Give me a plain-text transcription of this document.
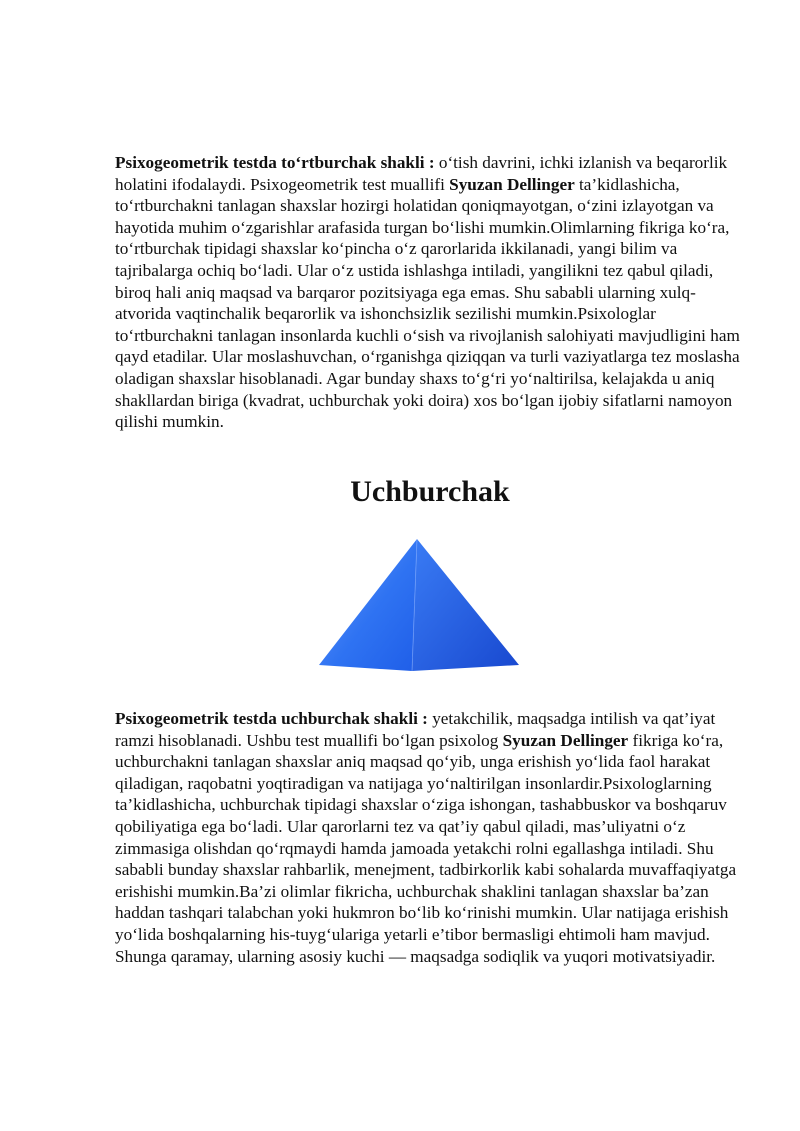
Psixogeometrik testda to‘rtburchak shakli : o‘tish davrini, ichki izlanish va beqarorlik holatini ifodalaydi. Psixogeometrik test muallifi Syuzan Dellinger ta’kidlashicha, to‘rtburchakni tanlagan shaxslar hozirgi holatidan qoniqmayotgan, o‘zini izlayotgan va hayotida muhim o‘zgarishlar arafasida turgan bo‘lishi mumkin.Olimlarning fikriga ko‘ra, to‘rtburchak tipidagi shaxslar ko‘pincha o‘z qarorlarida ikkilanadi, yangi bilim va tajribalarga ochiq bo‘ladi. Ular o‘z ustida ishlashga intiladi, yangilikni tez qabul qiladi, biroq hali aniq maqsad va barqaror pozitsiyaga ega emas. Shu sababli ularning xulq-atvorida vaqtinchalik beqarorlik va ishonchsizlik sezilishi mumkin.Psixologlar to‘rtburchakni tanlagan insonlarda kuchli o‘sish va rivojlanish salohiyati mavjudligini ham qayd etadilar. Ular moslashuvchan, o‘rganishga qiziqqan va turli vaziyatlarga tez moslasha oladigan shaxslar hisoblanadi. Agar bunday shaxs to‘g‘ri yo‘naltirilsa, kelajakda u aniq shakllardan biriga (kvadrat, uchburchak yoki doira) xos bo‘lgan ijobiy sifatlarni namoyon qilishi mumkin.

Uchburchak

Psixogeometrik testda uchburchak shakli : yetakchilik, maqsadga intilish va qat’iyat ramzi hisoblanadi. Ushbu test muallifi bo‘lgan psixolog Syuzan Dellinger fikriga ko‘ra, uchburchakni tanlagan shaxslar aniq maqsad qo‘yib, unga erishish yo‘lida faol harakat qiladigan, raqobatni yoqtiradigan va natijaga yo‘naltirilgan insonlardir.Psixologlarning ta’kidlashicha, uchburchak tipidagi shaxslar o‘ziga ishongan, tashabbuskor va boshqaruv qobiliyatiga ega bo‘ladi. Ular qarorlarni tez va qat’iy qabul qiladi, mas’uliyatni o‘z zimmasiga olishdan qo‘rqmaydi hamda jamoada yetakchi rolni egallashga intiladi. Shu sababli bunday shaxslar rahbarlik, menejment, tadbirkorlik kabi sohalarda muvaffaqiyatga erishishi mumkin.Ba’zi olimlar fikricha, uchburchak shaklini tanlagan shaxslar ba’zan haddan tashqari talabchan yoki hukmron bo‘lib ko‘rinishi mumkin. Ular natijaga erishish yo‘lida boshqalarning his-tuyg‘ulariga yetarli e’tibor bermasligi ehtimoli ham mavjud. Shunga qaramay, ularning asosiy kuchi — maqsadga sodiqlik va yuqori motivatsiyadir.
